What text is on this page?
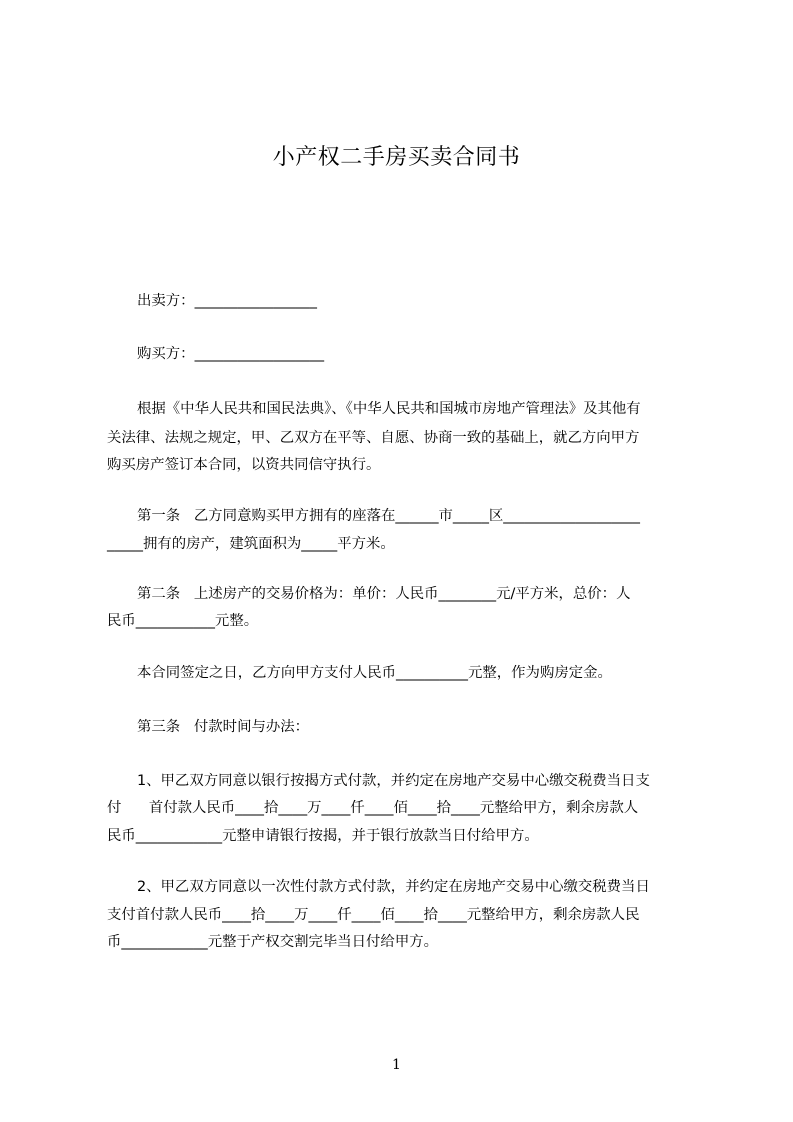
小产权二手房买卖合同书
出卖方：_________________
购买方：__________________
根据《中华人民共和国民法典》、《中华人民共和国城市房地产管理法》及其他有
关法律、法规之规定，甲、乙双方在平等、自愿、协商一致的基础上，就乙方向甲方
购买房产签订本合同，以资共同信守执行。
第一条   乙方同意购买甲方拥有的座落在______市_____区___________________
_____拥有的房产，建筑面积为_____平方米。
第二条   上述房产的交易价格为：单价：人民币________元/平方米，总价：人
民币___________元整。
本合同签定之日，乙方向甲方支付人民币__________元整，作为购房定金。
第三条   付款时间与办法：
1、甲乙双方同意以银行按揭方式付款，并约定在房地产交易中心缴交税费当日支
付      首付款人民币____拾____万____仟____佰____拾____元整给甲方，剩余房款人
民币____________元整申请银行按揭，并于银行放款当日付给甲方。
2、甲乙双方同意以一次性付款方式付款，并约定在房地产交易中心缴交税费当日
支付首付款人民币____拾____万____仟____佰____拾____元整给甲方，剩余房款人民
币____________元整于产权交割完毕当日付给甲方。
1
